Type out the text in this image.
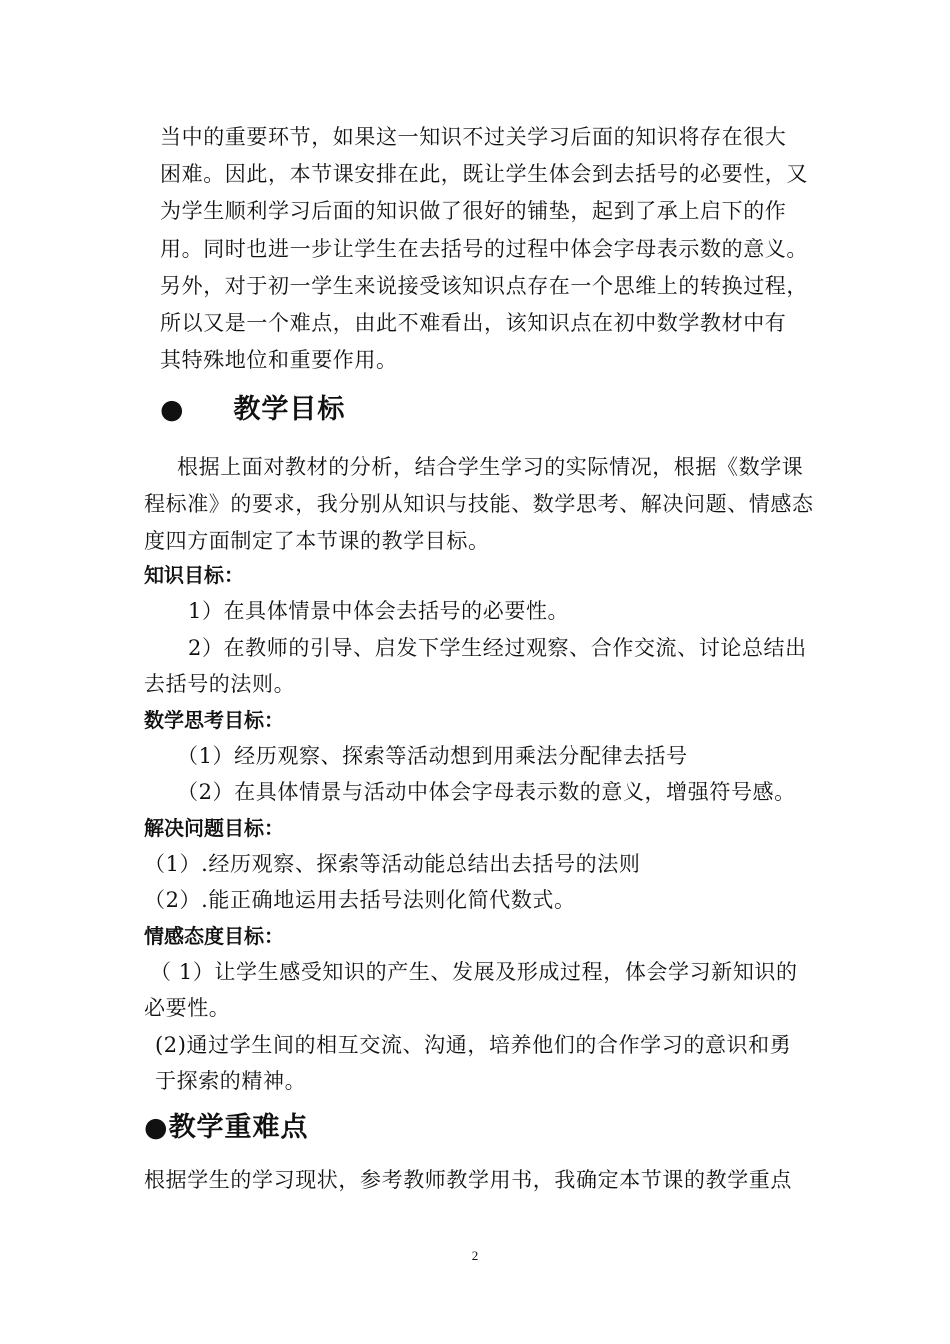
当中的重要环节，如果这一知识不过关学习后面的知识将存在很大
困难。因此，本节课安排在此，既让学生体会到去括号的必要性，又
为学生顺利学习后面的知识做了很好的铺垫，起到了承上启下的作
用。同时也进一步让学生在去括号的过程中体会字母表示数的意义。
另外，对于初一学生来说接受该知识点存在一个思维上的转换过程，
所以又是一个难点，由此不难看出，该知识点在初中数学教材中有
其特殊地位和重要作用。
● 教学目标
根据上面对教材的分析，结合学生学习的实际情况，根据《数学课
程标准》的要求，我分别从知识与技能、数学思考、解决问题、情感态
度四方面制定了本节课的教学目标。
知识目标：
1）在具体情景中体会去括号的必要性。
2）在教师的引导、启发下学生经过观察、合作交流、讨论总结出
去括号的法则。
数学思考目标：
（1）经历观察、探索等活动想到用乘法分配律去括号
（2）在具体情景与活动中体会字母表示数的意义，增强符号感。
解决问题目标：
（1）.经历观察、探索等活动能总结出去括号的法则
（2）.能正确地运用去括号法则化简代数式。
情感态度目标：
（ 1）让学生感受知识的产生、发展及形成过程，体会学习新知识的
必要性。
(2)通过学生间的相互交流、沟通，培养他们的合作学习的意识和勇
于探索的精神。
●教学重难点
根据学生的学习现状，参考教师教学用书，我确定本节课的教学重点
2
